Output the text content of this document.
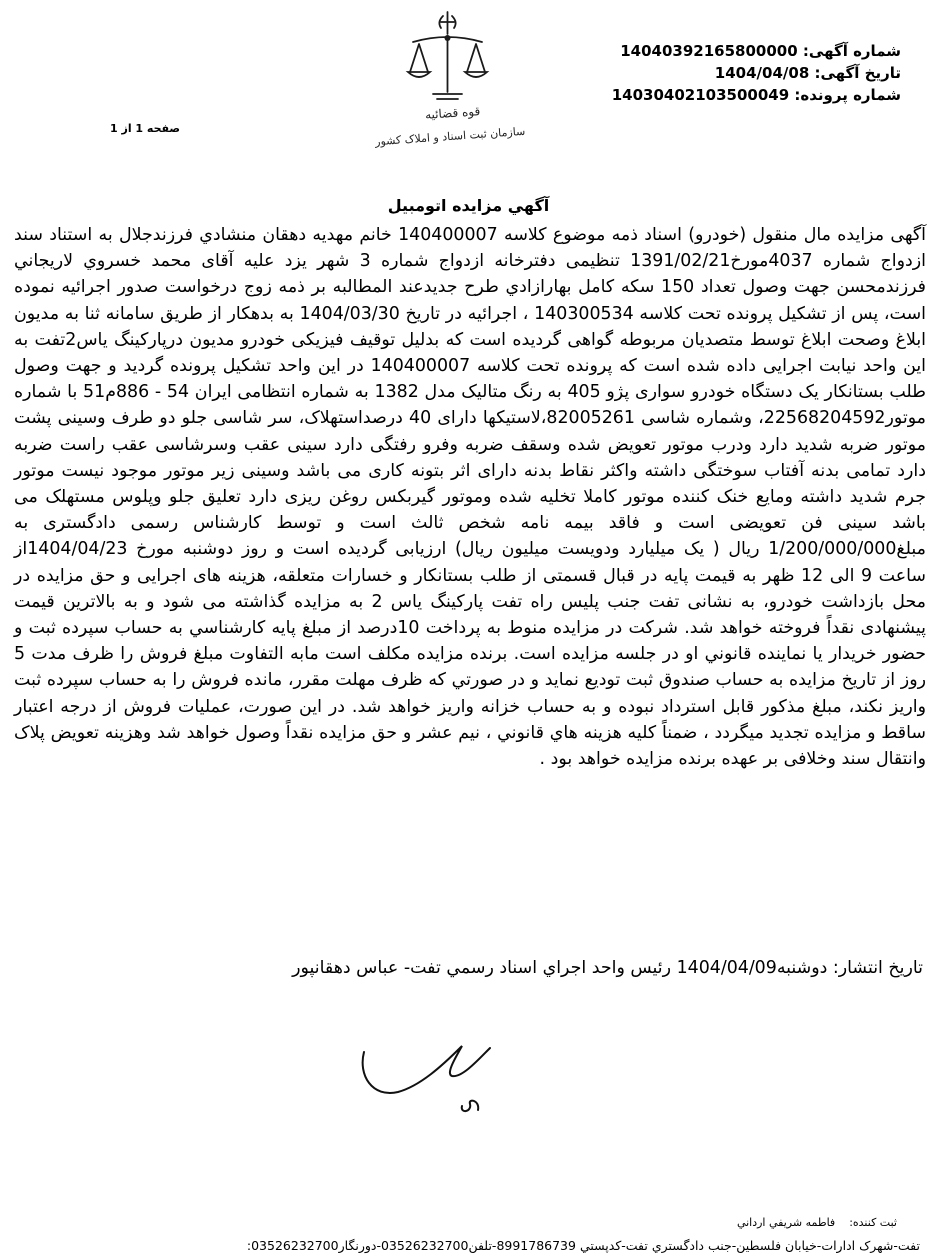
شماره آگهی: 14040392165800000
تاریخ آگهی: 1404/04/08
شماره پرونده: 14030402103500049
قوه قضائیه
سازمان ثبت اسناد و املاک کشور
صفحه 1 از 1
آگهي مزايده اتومبيل
آگهی مزایده مال منقول (خودرو) اسناد ذمه موضوع کلاسه 140400007 خانم مهدیه دهقان منشادي فرزندجلال به استناد سند ازدواج شماره 4037مورخ1391/02/21 تنظیمی دفترخانه ازدواج شماره 3 شهر یزد علیه آقای محمد خسروي لاريجاني فرزندمحسن جهت وصول تعداد 150 سکه کامل بهارازادي طرح جدیدعند المطالبه بر ذمه زوج درخواست صدور اجرائیه نموده است، پس از تشکیل پرونده تحت کلاسه 140300534 ، اجرائیه در تاریخ 1404/03/30 به بدهکار از طریق سامانه ثنا به مدیون ابلاغ وصحت ابلاغ توسط متصدیان مربوطه گواهی گردیده است که بدلیل توقیف فیزیکی خودرو مدیون درپارکینگ یاس2تفت به این واحد نیابت اجرایی داده شده است که پرونده تحت کلاسه 140400007 در این واحد تشکیل پرونده گردید و جهت وصول طلب بستانکار یک دستگاه خودرو سواری پژو 405 به رنگ متالیک مدل 1382 به شماره انتظامی ایران 54 - 886م51 با شماره موتور22568204592، وشماره شاسی 82005261،لاستیکها دارای 40 درصداستهلاک، سر شاسی جلو دو طرف وسینی پشت موتور ضربه شدید دارد ودرب موتور تعویض شده وسقف ضربه وفرو رفتگی دارد سینی عقب وسرشاسی عقب راست ضربه دارد تمامی بدنه آفتاب سوختگی داشته واکثر نقاط بدنه دارای اثر بتونه کاری می باشد وسینی زیر موتور موجود نیست موتور جرم شدید داشته ومایع خنک کننده موتور کاملا تخلیه شده وموتور گیربکس روغن ریزی دارد تعلیق جلو وپلوس مستهلک می باشد سینی فن تعویضی است و فاقد بیمه نامه شخص ثالث است و توسط کارشناس رسمی دادگستری به مبلغ1/200/000/000 ريال ( یک میلیارد ودویست میلیون ریال) ارزیابی گردیده است و روز دوشنبه مورخ 1404/04/23از ساعت 9 الی 12 ظهر به قیمت پایه در قبال قسمتی از طلب بستانکار و خسارات متعلقه، هزینه های اجرایی و حق مزایده در محل بازداشت خودرو، به نشانی تفت جنب پلیس راه تفت پارکینگ یاس 2 به مزایده گذاشته می شود و به بالاترین قیمت پیشنهادی نقداً فروخته خواهد شد. شرکت در مزایده منوط به پرداخت 10درصد از مبلغ پایه کارشناسي به حساب سپرده ثبت و حضور خریدار یا نماینده قانوني او در جلسه مزایده است. برنده مزایده مکلف است مابه التفاوت مبلغ فروش را ظرف مدت 5 روز از تاريخ مزايده به حساب صندوق ثبت توديع نمايد و در صورتي که ظرف مهلت مقرر، مانده فروش را به حساب سپرده ثبت واریز نکند، مبلغ مذکور قابل استرداد نبوده و به حساب خزانه واریز خواهد شد. در این صورت، عملیات فروش از درجه اعتبار ساقط و مزایده تجدید میگردد ، ضمناً کلیه هزینه هاي قانوني ، نیم عشر و حق مزایده نقداً وصول خواهد شد وهزینه تعویض پلاک وانتقال سند وخلافی بر عهده برنده مزایده خواهد بود .
تاریخ انتشار: دوشنبه1404/04/09 رئيس واحد اجراي اسناد رسمي تفت- عباس دهقانپور
ثبت کننده:    فاطمه شريفي ارداني
تفت-شهرک ادارات-خیابان فلسطین-جنب دادگستري تفت-کدپستي 8991786739-تلفن03526232700-دورنگار03526232700:
